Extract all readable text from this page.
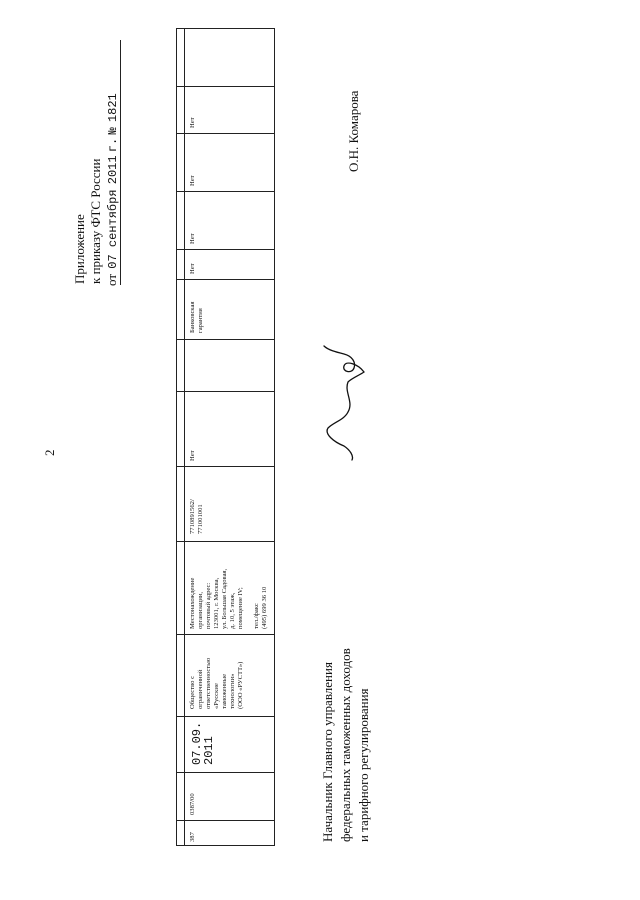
2
Приложение к приказу ФТС России от 07 сентября 2011 г. № 1821
387
0387/00
07.09.
2011
Общество с
ограниченной
ответственностью
«Русские
таможенные
технологии»
(ООО «РУСТТ»)
Местонахождение
организации,
почтовый адрес:
123001, г. Москва,
ул. Большая Садовая,
д. 10, 5 этаж,
помещение IV;

тел./факс
(495) 699 36 10
7710891562/
771001001
Нет
Банковская
гарантия
Нет
Нет
Нет
Нет	О.Н. Комарова
Начальник Главного управления федеральных таможенных доходов и тарифного регулирования
